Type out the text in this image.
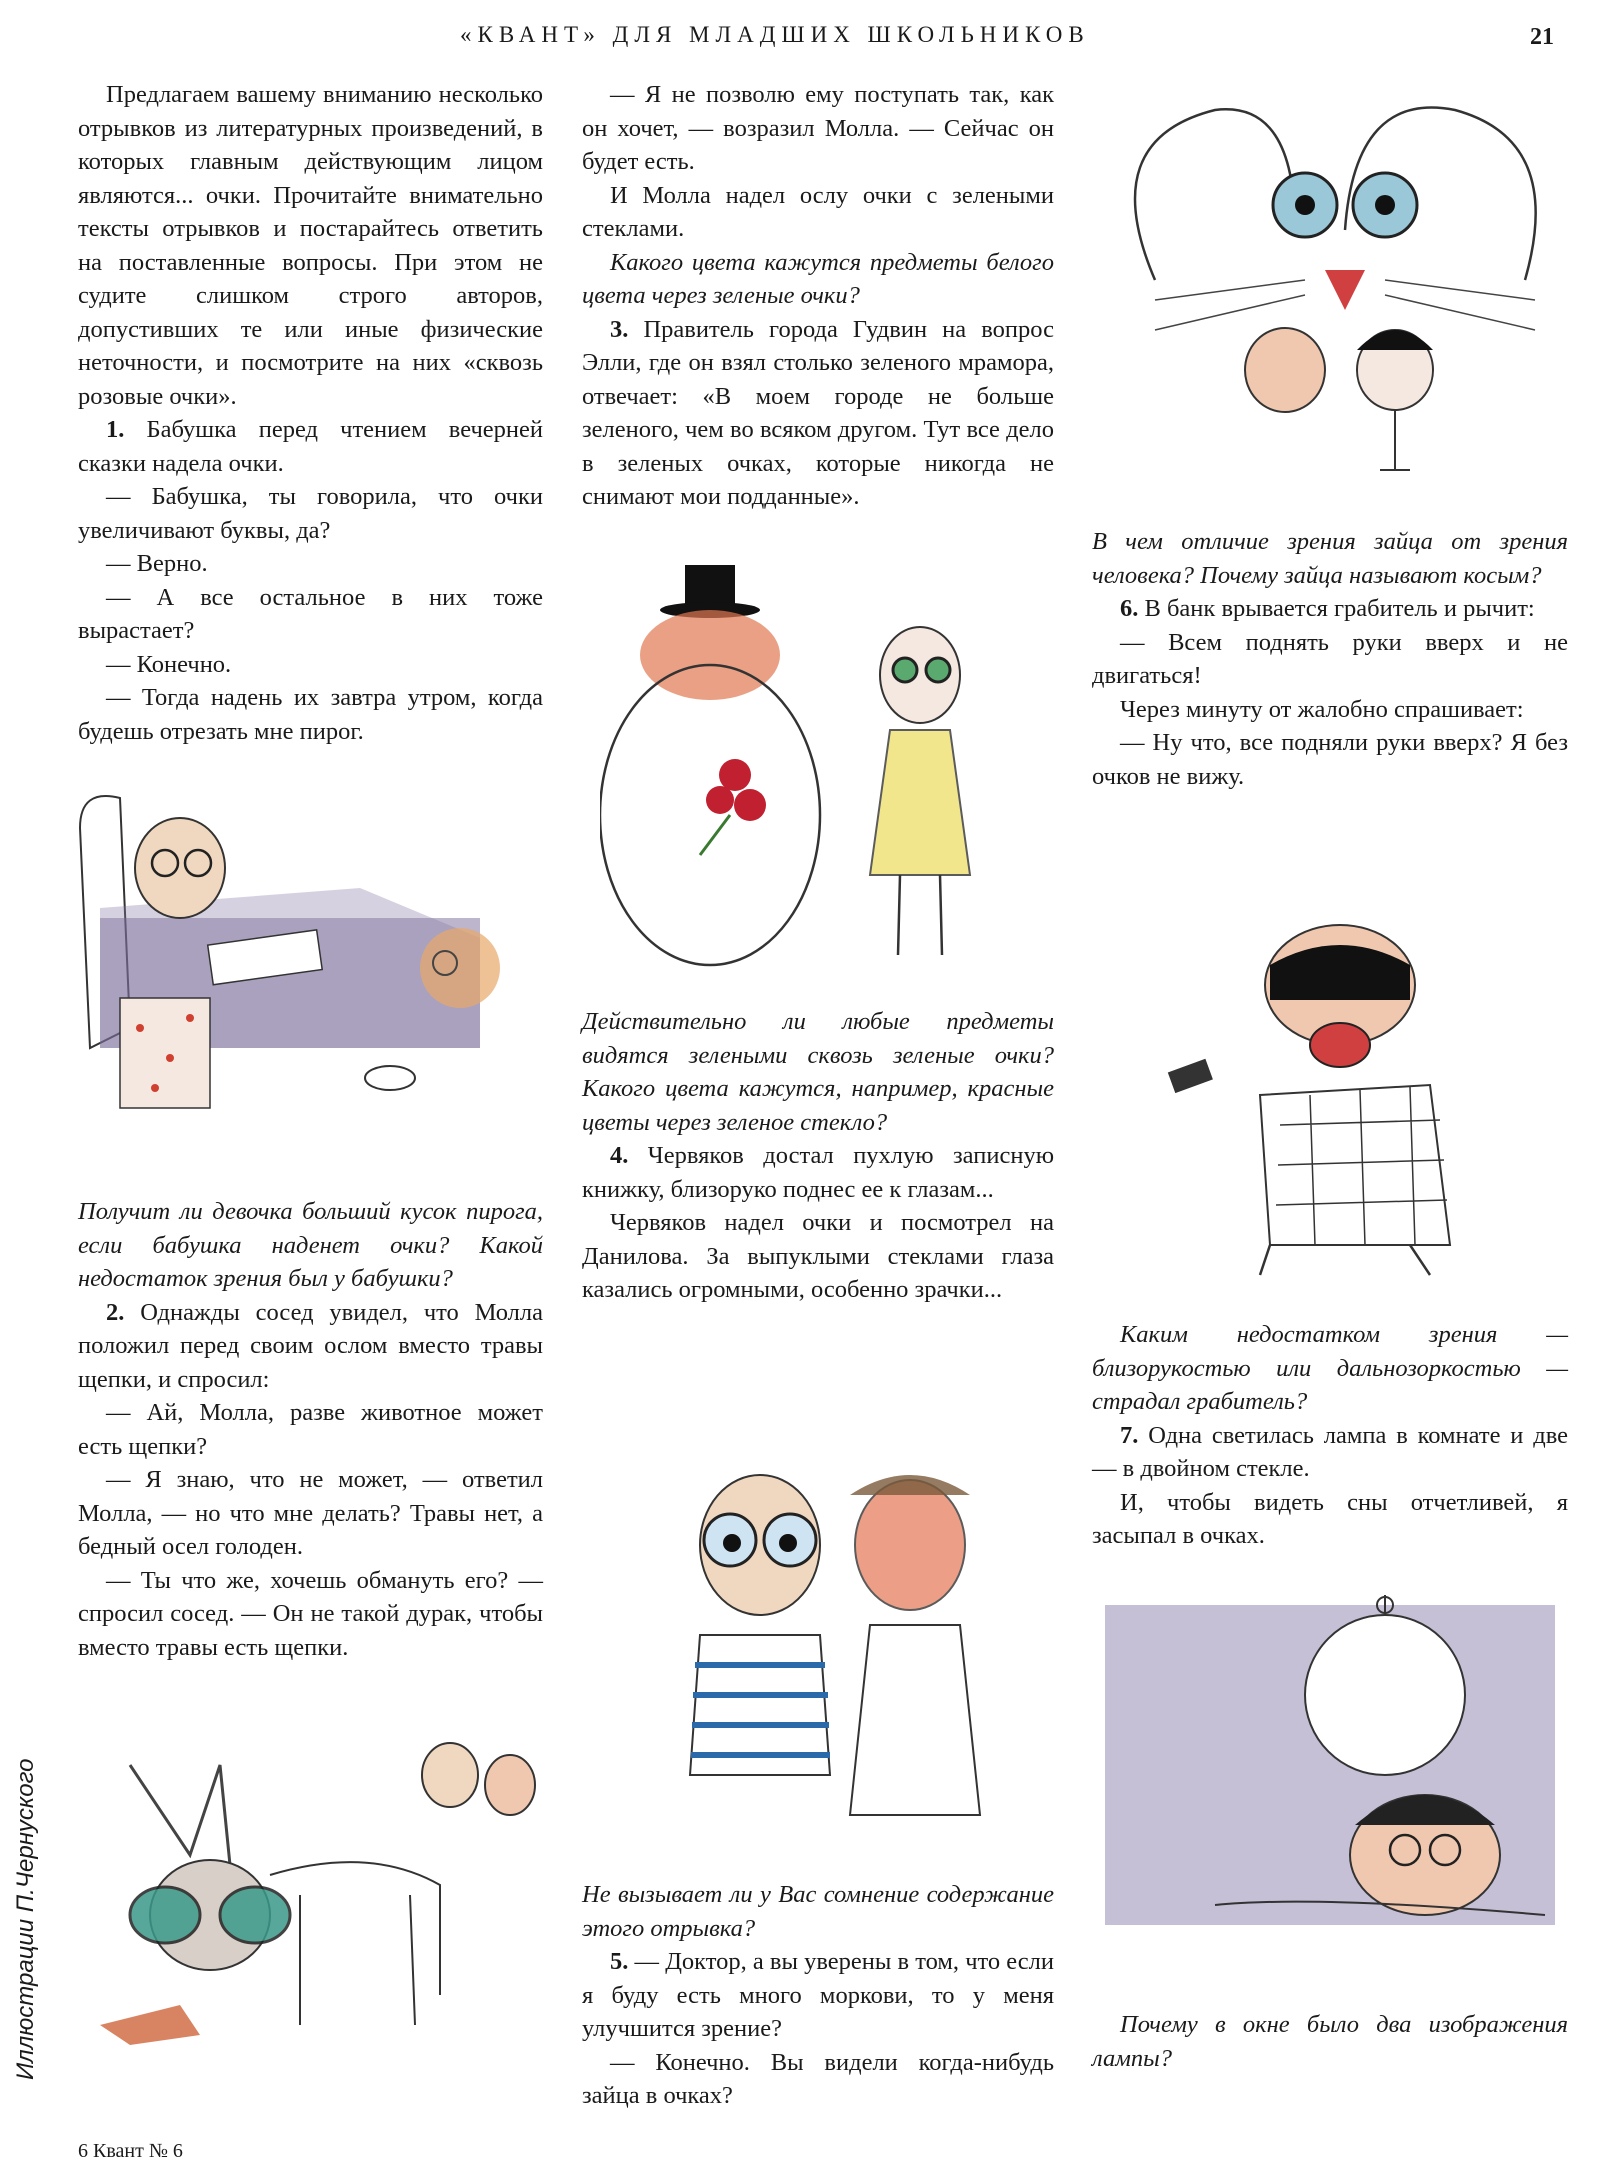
«КВАНТ» ДЛЯ МЛАДШИХ ШКОЛЬНИКОВ	21

Предлагаем вашему вниманию несколько отрывков из литературных произведений, в которых главным действующим лицом являются... очки. Прочитайте внимательно тексты отрывков и постарайтесь ответить на поставленные вопросы. При этом не судите слишком строго авторов, допустивших те или иные физические неточности, и посмотрите на них «сквозь розовые очки».

1. Бабушка перед чтением вечерней сказки надела очки.

— Бабушка, ты говорила, что очки увеличивают буквы, да?

— Верно.

— А все остальное в них тоже вырастает?

— Конечно.

— Тогда надень их завтра утром, когда будешь отрезать мне пирог.

Получит ли девочка больший кусок пирога, если бабушка наденет очки? Какой недостаток зрения был у бабушки?

2. Однажды сосед увидел, что Молла положил перед своим ослом вместо травы щепки, и спросил:

— Ай, Молла, разве животное может есть щепки?

— Я знаю, что не может, — ответил Молла, — но что мне делать? Травы нет, а бедный осел голоден.

— Ты что же, хочешь обмануть его? — спросил сосед. — Он не такой дурак, чтобы вместо травы есть щепки.

— Я не позволю ему поступать так, как он хочет, — возразил Молла. — Сейчас он будет есть.

И Молла надел ослу очки с зелеными стеклами.

Какого цвета кажутся предметы белого цвета через зеленые очки?

3. Правитель города Гудвин на вопрос Элли, где он взял столько зеленого мрамора, отвечает: «В моем городе не больше зеленого, чем во всяком другом. Тут все дело в зеленых очках, которые никогда не снимают мои подданные».

Действительно ли любые предметы видятся зелеными сквозь зеленые очки? Какого цвета кажутся, например, красные цветы через зеленое стекло?

4. Червяков достал пухлую записную книжку, близоруко поднес ее к глазам...

Червяков надел очки и посмотрел на Данилова. За выпуклыми стеклами глаза казались огромными, особенно зрачки...

Не вызывает ли у Вас сомнение содержание этого отрывка?

5. — Доктор, а вы уверены в том, что если я буду есть много моркови, то у меня улучшится зрение?

— Конечно. Вы видели когда-нибудь зайца в очках?

В чем отличие зрения зайца от зрения человека? Почему зайца называют косым?

6. В банк врывается грабитель и рычит:

— Всем поднять руки вверх и не двигаться!

Через минуту от жалобно спрашивает:

— Ну что, все подняли руки вверх? Я без очков не вижу.

Каким недостатком зрения — близорукостью или дальнозоркостью — страдал грабитель?

7. Одна светилась лампа в комнате и две — в двойном стекле.

И, чтобы видеть сны отчетливей, я засыпал в очках.

Почему в окне было два изображения лампы?

Иллюстрации П.Чернуского
6 Квант № 6
